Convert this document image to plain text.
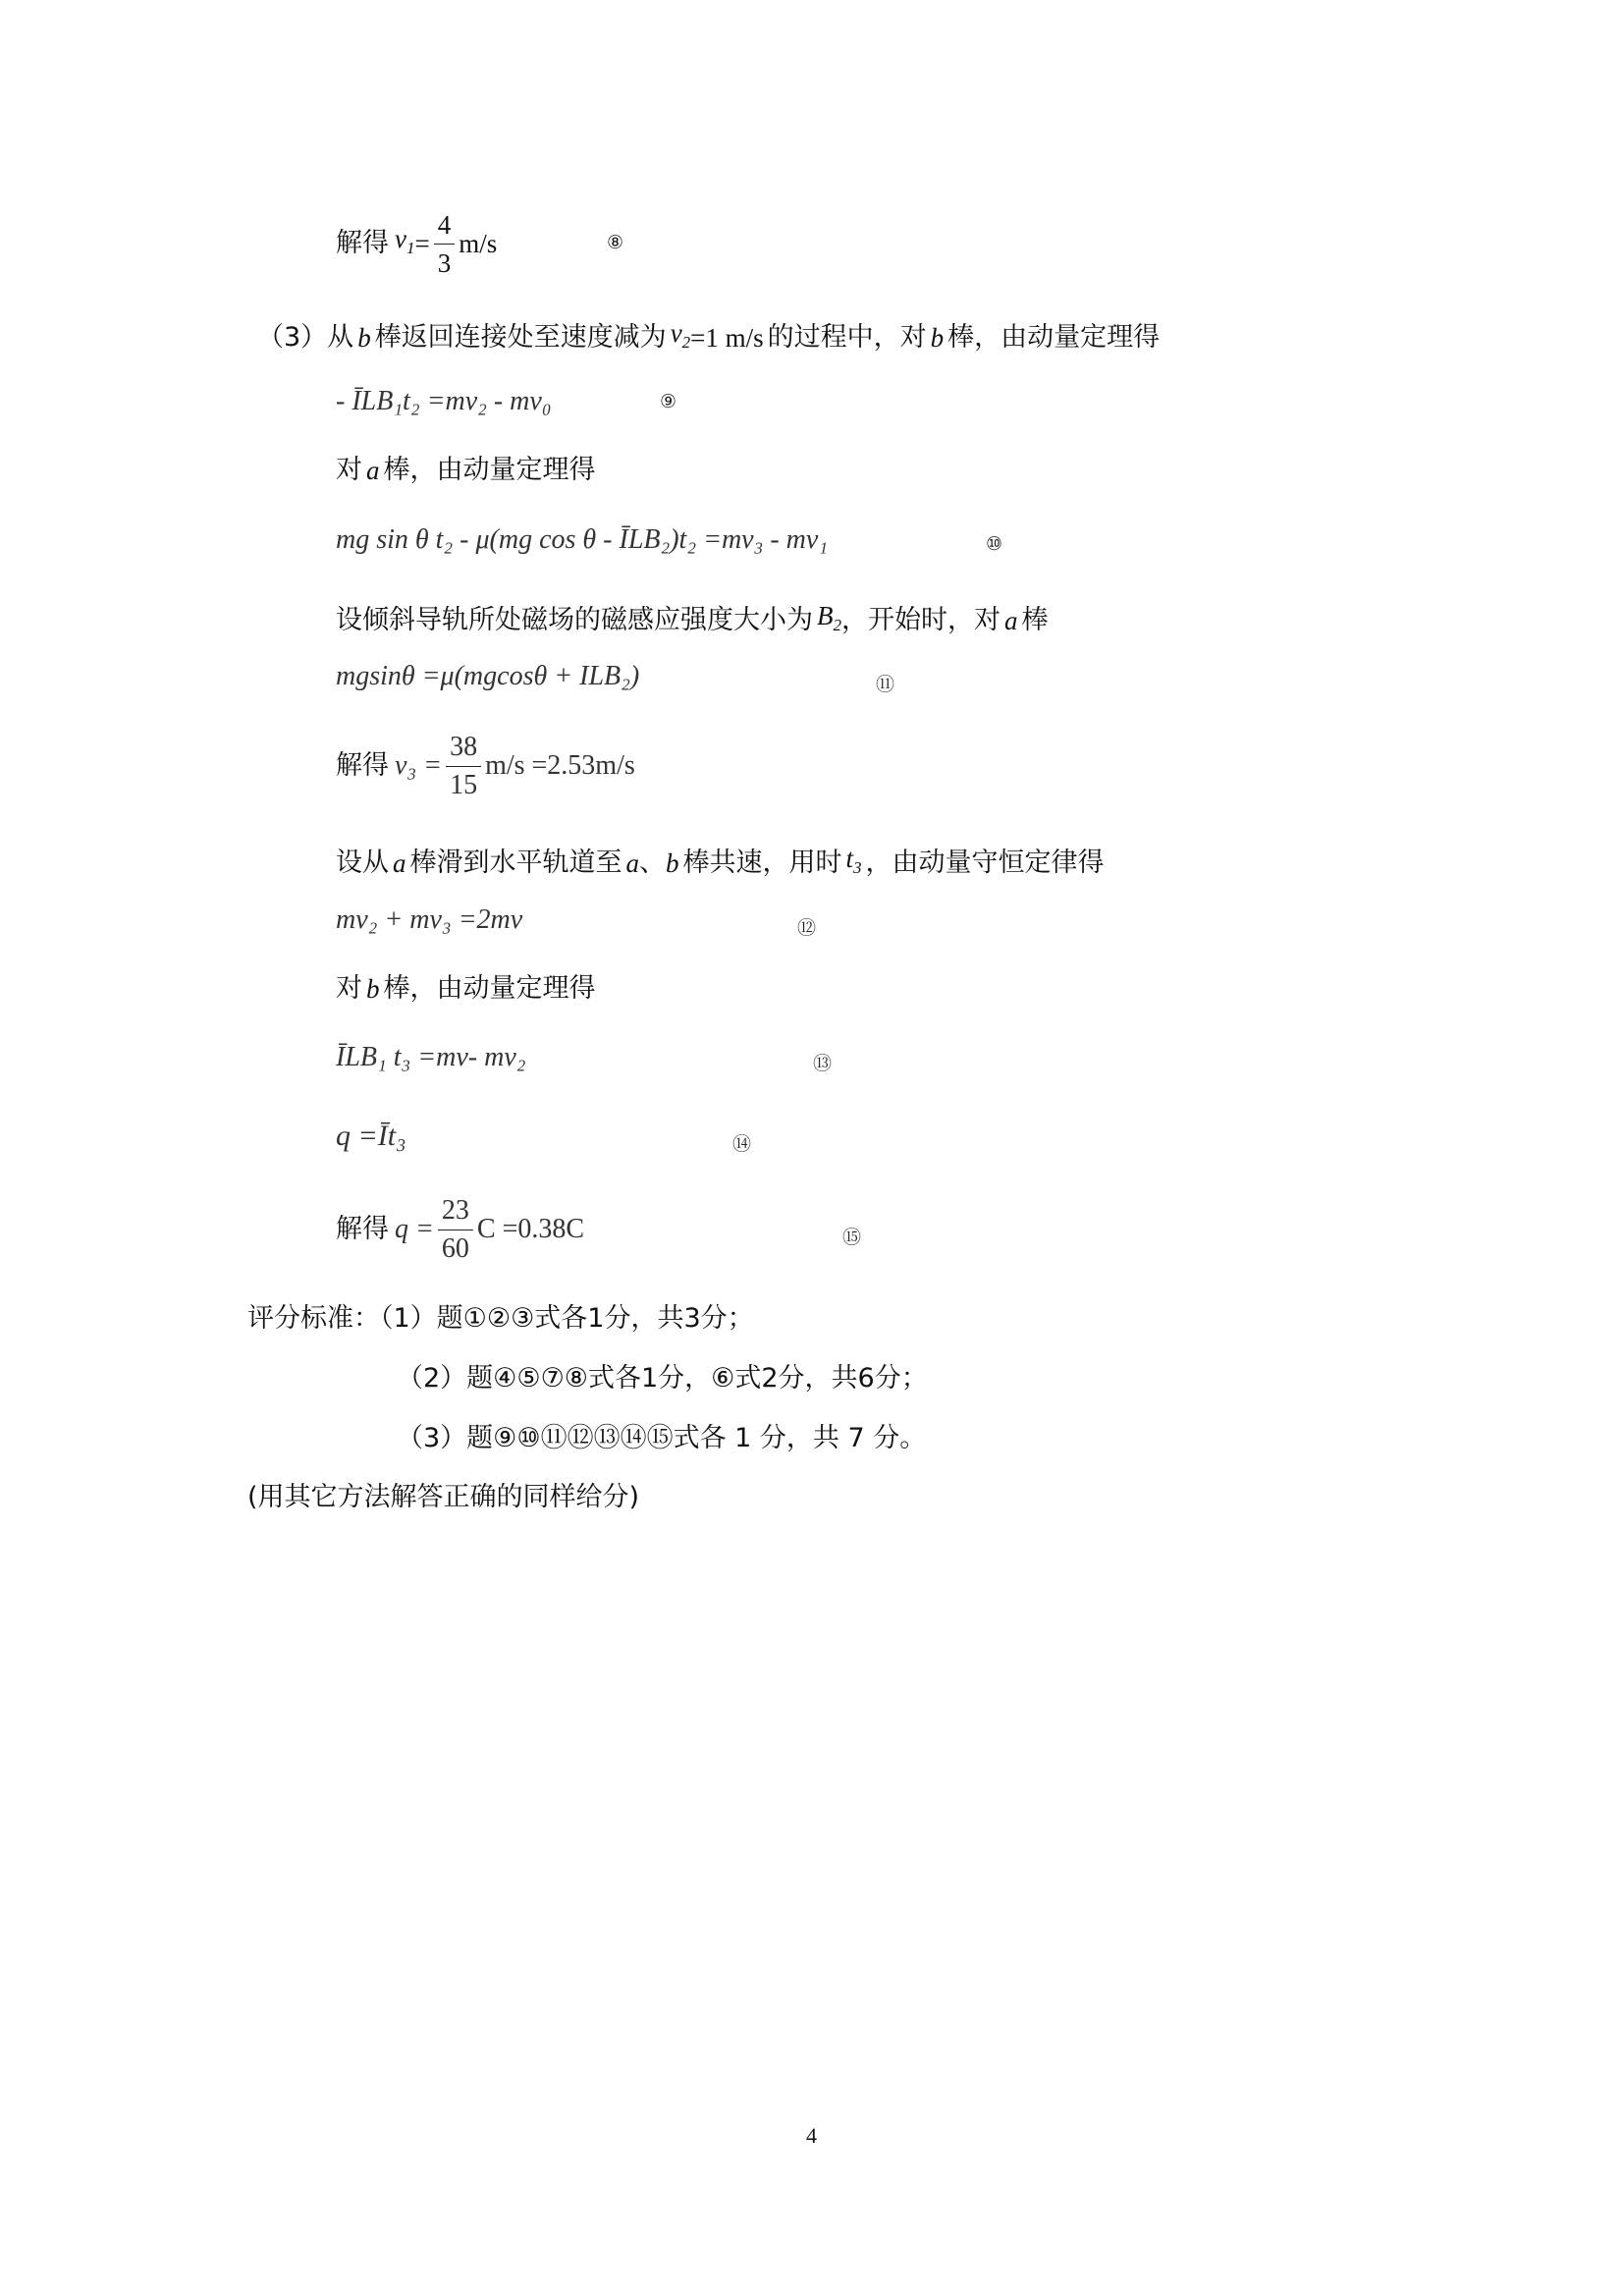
解得 $v_1 = \frac{4}{3} m/s$	⑧
（3）从 b 棒返回连接处至速度减为 $v_2 =1$ m/s 的过程中，对 b 棒，由动量定理得
- ĪLB₁t₂ =mv₂ - mv₀	⑨
对 a 棒，由动量定理得
mg sin θ t₂ - μ(mg cos θ - ĪLB₂)t₂ =mv₃ - mv₁	⑩
设倾斜导轨所处磁场的磁感应强度大小为 $B_2$ ，开始时，对 a 棒
mgsinθ =μ(mgcosθ + ILB₂)	⑪
解得 $v_3 = \frac{38}{15} m/s =2.53m/s$
设从 a 棒滑到水平轨道至 a 、 b 棒共速，用时 $t_3$ ，由动量守恒定律得
mv₂ + mv₃ =2mv	⑫
对 b 棒，由动量定理得
ĪLB₁ t₃ =mv- mv₂	⑬
q =Īt₃	⑭
解得 $q = \frac{23}{60}$ C =0.38C	⑮
评分标准：（1）题①②③式各1分，共3分；
（2）题④⑤⑦⑧式各1分，⑥式2分，共6分；
（3）题⑨⑩⑪⑫⑬⑭⑮式各 1 分，共 7 分。
(用其它方法解答正确的同样给分)
4
